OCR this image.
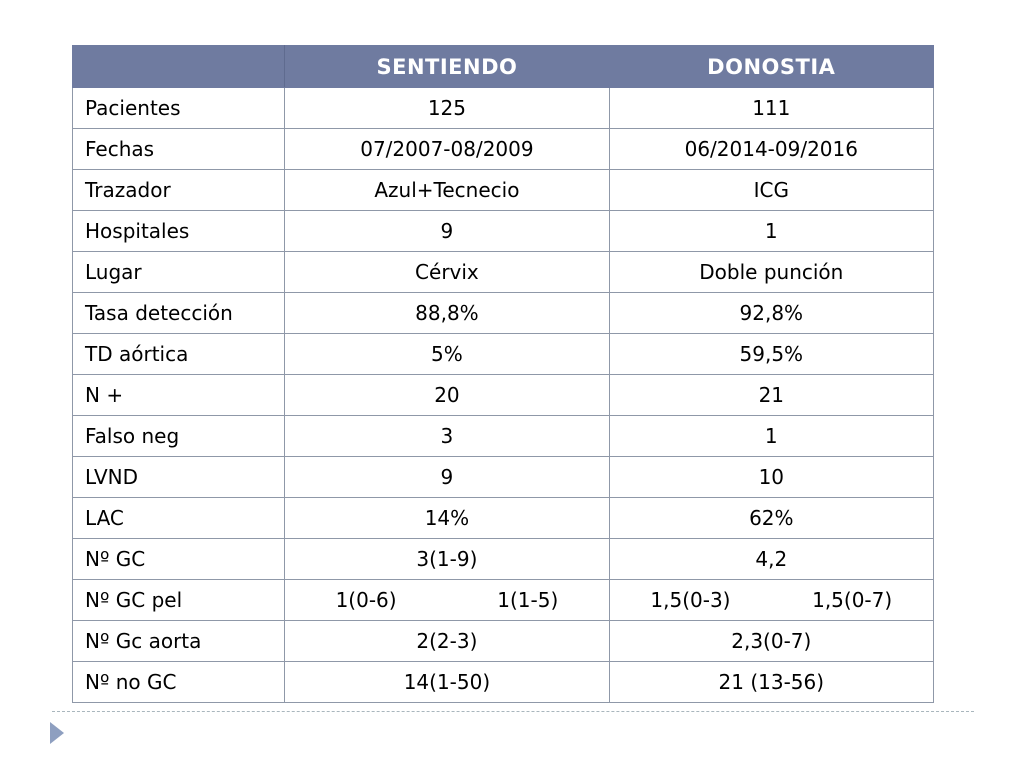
	SENTIENDO		DONOSTIA	
Pacientes	125		111	
Fechas	07/2007-08/2009		06/2014-09/2016	
Trazador	Azul+Tecnecio		ICG	
Hospitales	9		1	
Lugar	Cérvix		Doble punción	
Tasa detección	88,8%		92,8%	
TD aórtica	5%		59,5%	
N +	20		21	
Falso neg	3		1	
LVND	9		10	
LAC	14%		62%	
Nº GC	3(1-9)		4,2	
Nº GC pel	1(0-6)	1(1-5)	1,5(0-3)	1,5(0-7)
Nº Gc aorta	2(2-3)		2,3(0-7)	
Nº no GC	14(1-50)		21 (13-56)	
